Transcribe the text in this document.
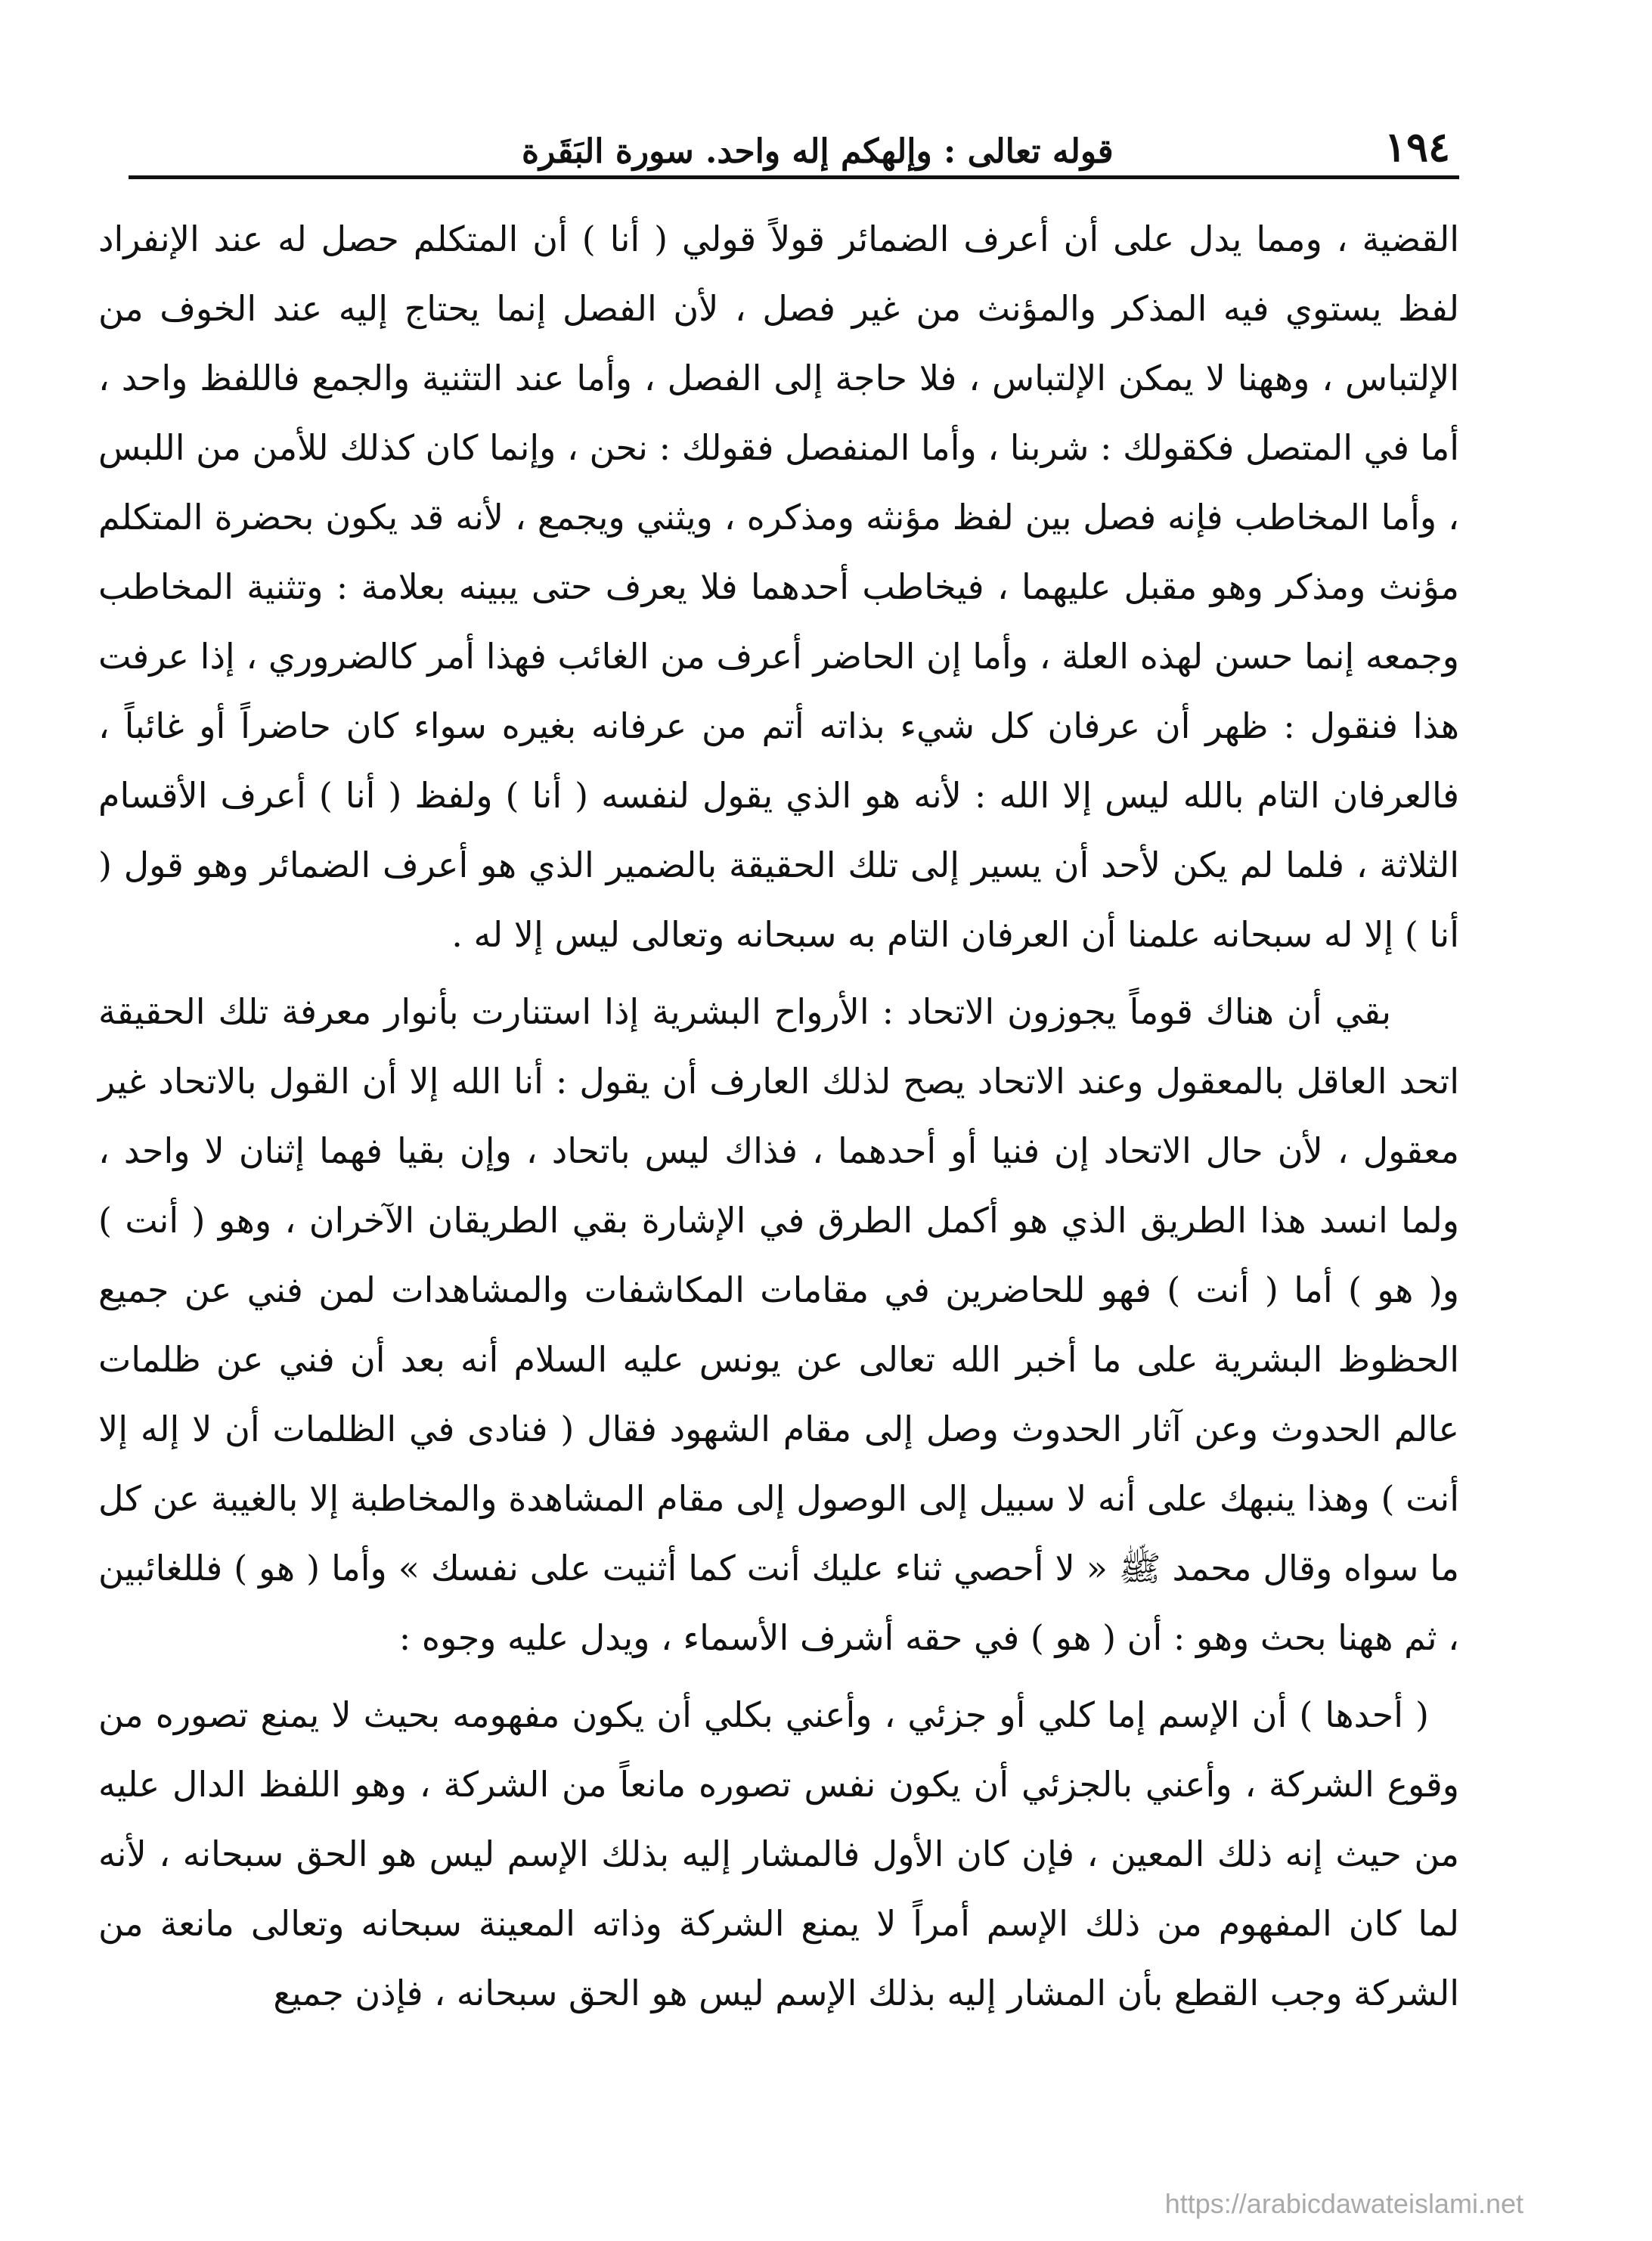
١٩٤
قوله تعالى : وإلهكم إله واحد. سورة البَقَرة

القضية ، ومما يدل على أن أعرف الضمائر قولاً قولي ( أنا ) أن المتكلم حصل له عند الإنفراد لفظ يستوي فيه المذكر والمؤنث من غير فصل ، لأن الفصل إنما يحتاج إليه عند الخوف من الإلتباس ، وههنا لا يمكن الإلتباس ، فلا حاجة إلى الفصل ، وأما عند التثنية والجمع فاللفظ واحد ، أما في المتصل فكقولك : شربنا ، وأما المنفصل فقولك : نحن ، وإنما كان كذلك للأمن من اللبس ، وأما المخاطب فإنه فصل بين لفظ مؤنثه ومذكره ، ويثني ويجمع ، لأنه قد يكون بحضرة المتكلم مؤنث ومذكر وهو مقبل عليهما ، فيخاطب أحدهما فلا يعرف حتى يبينه بعلامة : وتثنية المخاطب وجمعه إنما حسن لهذه العلة ، وأما إن الحاضر أعرف من الغائب فهذا أمر كالضروري ، إذا عرفت هذا فنقول : ظهر أن عرفان كل شيء بذاته أتم من عرفانه بغيره سواء كان حاضراً أو غائباً ، فالعرفان التام بالله ليس إلا الله : لأنه هو الذي يقول لنفسه ( أنا ) ولفظ ( أنا ) أعرف الأقسام الثلاثة ، فلما لم يكن لأحد أن يسير إلى تلك الحقيقة بالضمير الذي هو أعرف الضمائر وهو قول ( أنا ) إلا له سبحانه علمنا أن العرفان التام به سبحانه وتعالى ليس إلا له .

بقي أن هناك قوماً يجوزون الاتحاد : الأرواح البشرية إذا استنارت بأنوار معرفة تلك الحقيقة اتحد العاقل بالمعقول وعند الاتحاد يصح لذلك العارف أن يقول : أنا الله إلا أن القول بالاتحاد غير معقول ، لأن حال الاتحاد إن فنيا أو أحدهما ، فذاك ليس باتحاد ، وإن بقيا فهما إثنان لا واحد ، ولما انسد هذا الطريق الذي هو أكمل الطرق في الإشارة بقي الطريقان الآخران ، وهو ( أنت ) و( هو ) أما ( أنت ) فهو للحاضرين في مقامات المكاشفات والمشاهدات لمن فني عن جميع الحظوظ البشرية على ما أخبر الله تعالى عن يونس عليه السلام أنه بعد أن فني عن ظلمات عالم الحدوث وعن آثار الحدوث وصل إلى مقام الشهود فقال ( فنادى في الظلمات أن لا إله إلا أنت ) وهذا ينبهك على أنه لا سبيل إلى الوصول إلى مقام المشاهدة والمخاطبة إلا بالغيبة عن كل ما سواه وقال محمد ﷺ « لا أحصي ثناء عليك أنت كما أثنيت على نفسك » وأما ( هو ) فللغائبين ، ثم ههنا بحث وهو : أن ( هو ) في حقه أشرف الأسماء ، ويدل عليه وجوه :

( أحدها ) أن الإسم إما كلي أو جزئي ، وأعني بكلي أن يكون مفهومه بحيث لا يمنع تصوره من وقوع الشركة ، وأعني بالجزئي أن يكون نفس تصوره مانعاً من الشركة ، وهو اللفظ الدال عليه من حيث إنه ذلك المعين ، فإن كان الأول فالمشار إليه بذلك الإسم ليس هو الحق سبحانه ، لأنه لما كان المفهوم من ذلك الإسم أمراً لا يمنع الشركة وذاته المعينة سبحانه وتعالى مانعة من الشركة وجب القطع بأن المشار إليه بذلك الإسم ليس هو الحق سبحانه ، فإذن جميع

https://arabicdawateislami.net
